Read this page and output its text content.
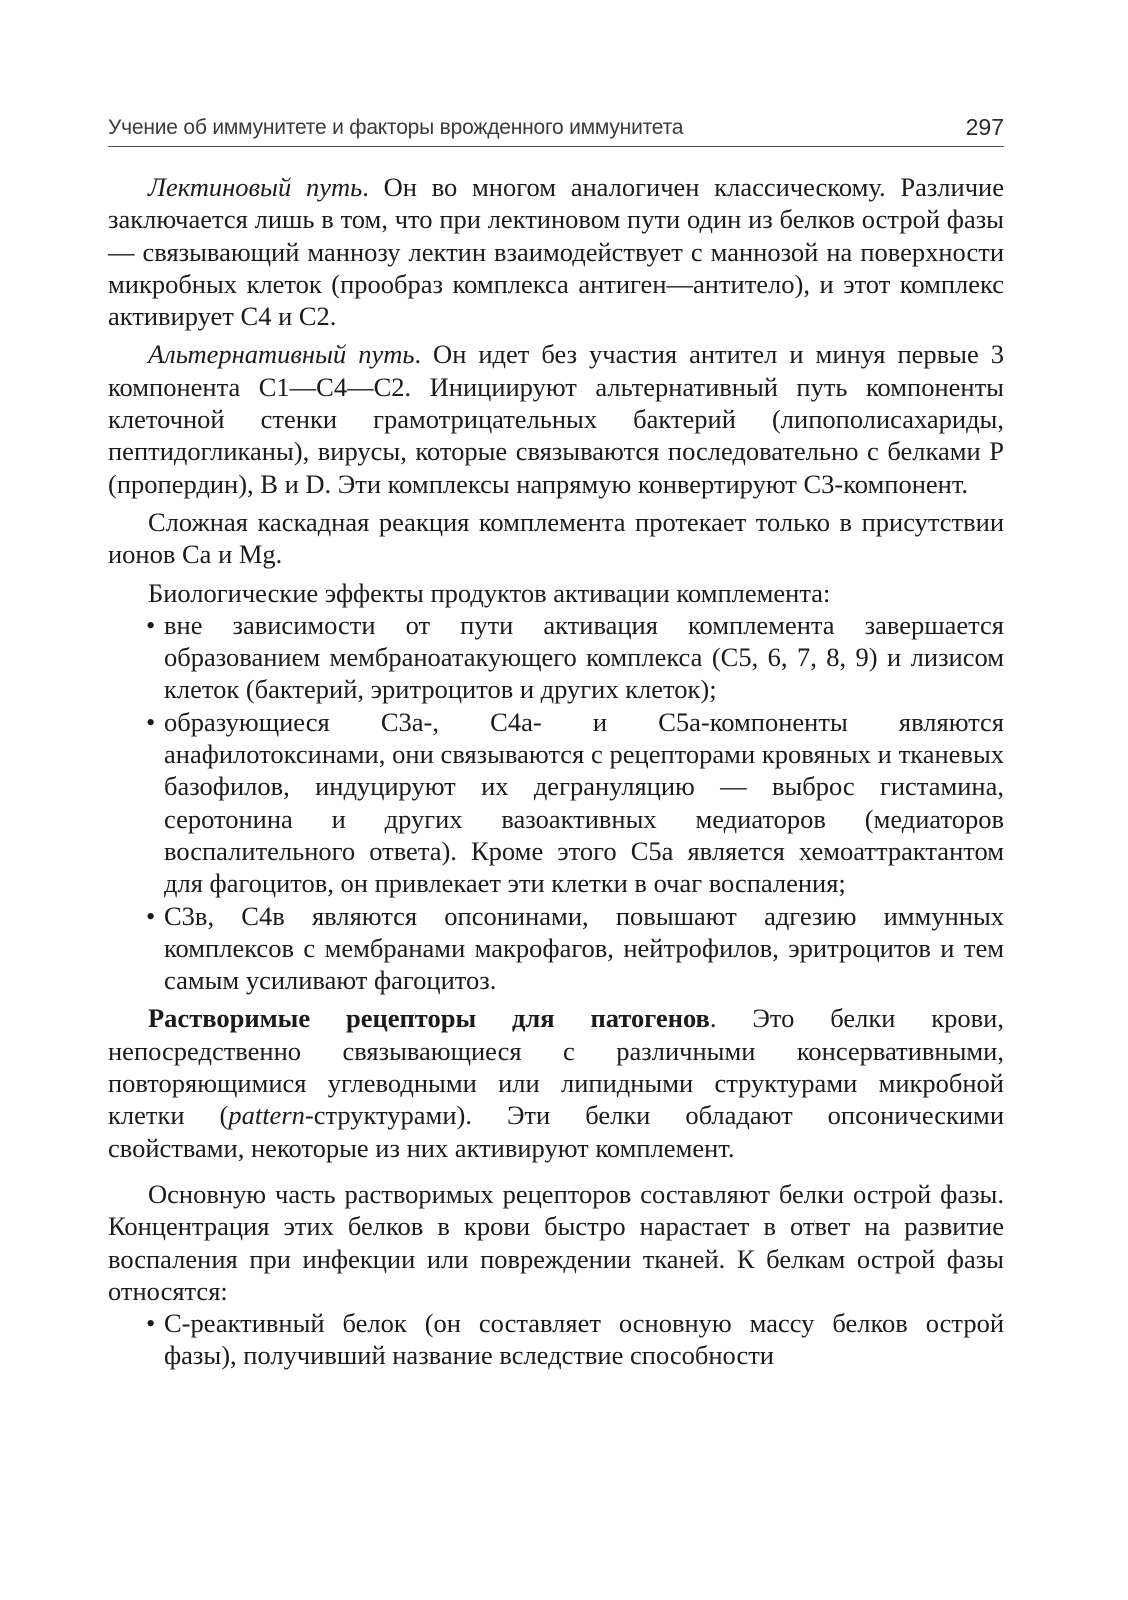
Учение об иммунитете и факторы врожденного иммунитета	297

Лектиновый путь. Он во многом аналогичен классическому. Различие заключается лишь в том, что при лектиновом пути один из белков острой фазы — связывающий маннозу лектин взаимодействует с маннозой на поверхности микробных клеток (прообраз комплекса антиген—антитело), и этот комплекс активирует С4 и С2.

Альтернативный путь. Он идет без участия антител и минуя первые 3 компонента С1—С4—С2. Инициируют альтернативный путь компоненты клеточной стенки грамотрицательных бактерий (липополисахариды, пептидогликаны), вирусы, которые связываются последовательно с белками Р (пропердин), В и D. Эти комплексы напрямую конвертируют С3-компонент.

Сложная каскадная реакция комплемента протекает только в присутствии ионов Са и Mg.

Биологические эффекты продуктов активации комплемента:

• вне зависимости от пути активация комплемента завершается образованием мембраноатакующего комплекса (С5, 6, 7, 8, 9) и лизисом клеток (бактерий, эритроцитов и других клеток);
• образующиеся С3а-, С4а- и С5а-компоненты являются анафилотоксинами, они связываются с рецепторами кровяных и тканевых базофилов, индуцируют их дегрануляцию — выброс гистамина, серотонина и других вазоактивных медиаторов (медиаторов воспалительного ответа). Кроме этого С5а является хемоаттрактантом для фагоцитов, он привлекает эти клетки в очаг воспаления;
• С3в, С4в являются опсонинами, повышают адгезию иммунных комплексов с мембранами макрофагов, нейтрофилов, эритроцитов и тем самым усиливают фагоцитоз.

Растворимые рецепторы для патогенов. Это белки крови, непосредственно связывающиеся с различными консервативными, повторяющимися углеводными или липидными структурами микробной клетки (pattern-структурами). Эти белки обладают опсоническими свойствами, некоторые из них активируют комплемент.

Основную часть растворимых рецепторов составляют белки острой фазы. Концентрация этих белков в крови быстро нарастает в ответ на развитие воспаления при инфекции или повреждении тканей. К белкам острой фазы относятся:

• С-реактивный белок (он составляет основную массу белков острой фазы), получивший название вследствие способности
